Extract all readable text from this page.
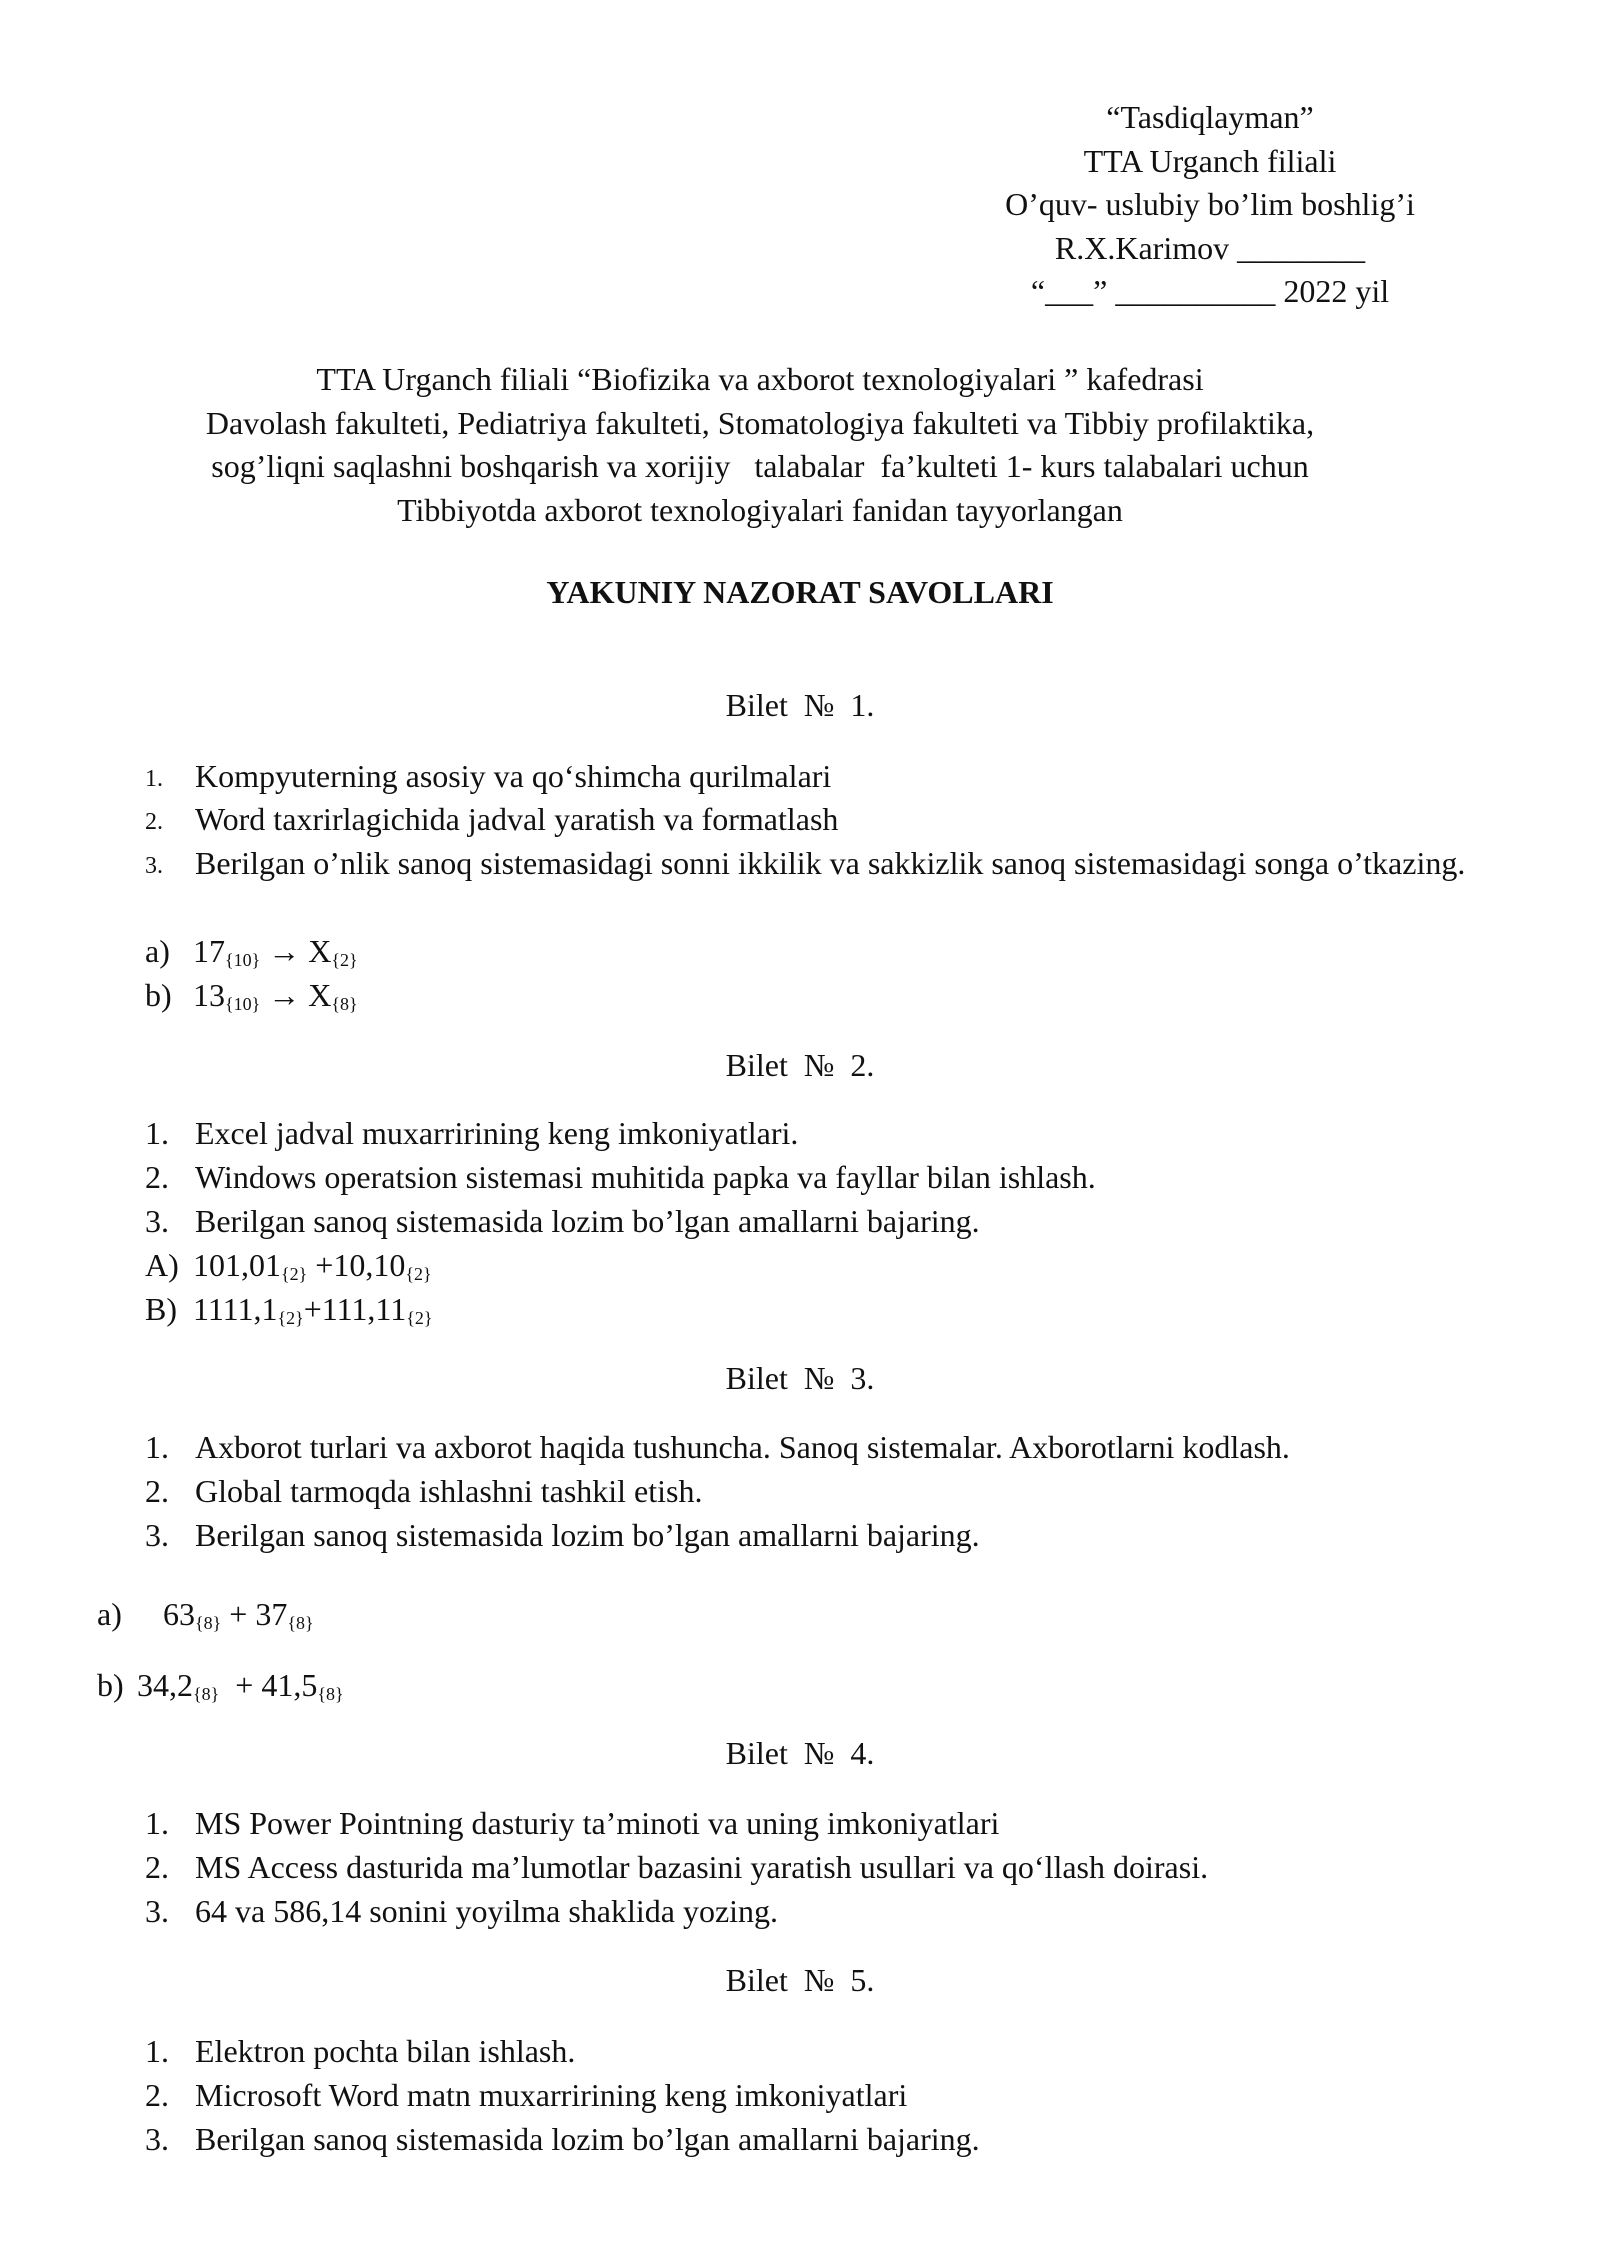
“Tasdiqlayman”
TTA Urganch filiali
O’quv- uslubiy bo’lim boshlig’i
R.X.Karimov ________
“___” __________ 2022 yil
TTA Urganch filiali “Biofizika va axborot texnologiyalari ” kafedrasi
Davolash fakulteti, Pediatriya fakulteti, Stomatologiya fakulteti va Tibbiy profilaktika,
sog’liqni saqlashni boshqarish va xorijiy   talabalar  fa’kulteti 1- kurs talabalari uchun
Tibbiyotda axborot texnologiyalari fanidan tayyorlangan
YAKUNIY NAZORAT SAVOLLARI
Bilet  №  1.
1.	Kompyuterning asosiy va qo‘shimcha qurilmalari
2.	Word taxrirlagichida jadval yaratish va formatlash
3.	Berilgan o’nlik sanoq sistemasidagi sonni ikkilik va sakkizlik sanoq sistemasidagi songa o’tkazing.
a) 17{10} → X{2}
b) 13{10} → X{8}
Bilet  №  2.
1. Excel jadval muxarririning keng imkoniyatlari.
2. Windows operatsion sistemasi muhitida papka va fayllar bilan ishlash.
3. Berilgan sanoq sistemasida lozim bo’lgan amallarni bajaring.
A) 101,01{2} +10,10{2}
B) 1111,1{2}+111,11{2}
Bilet  №  3.
1. Axborot turlari va axborot haqida tushuncha. Sanoq sistemalar. Axborotlarni kodlash.
2. Global tarmoqda ishlashni tashkil etish.
3. Berilgan sanoq sistemasida lozim bo’lgan amallarni bajaring.
a) 63{8} + 37{8}
b) 34,2{8}  + 41,5{8}
Bilet  №  4.
1. MS Power Pointning dasturiy ta’minoti va uning imkoniyatlari
2. MS Access dasturida ma’lumotlar bazasini yaratish usullari va qo‘llash doirasi.
3. 64 va 586,14 sonini yoyilma shaklida yozing.
Bilet  №  5.
1. Elektron pochta bilan ishlash.
2. Microsoft Word matn muxarririning keng imkoniyatlari
3. Berilgan sanoq sistemasida lozim bo’lgan amallarni bajaring.
